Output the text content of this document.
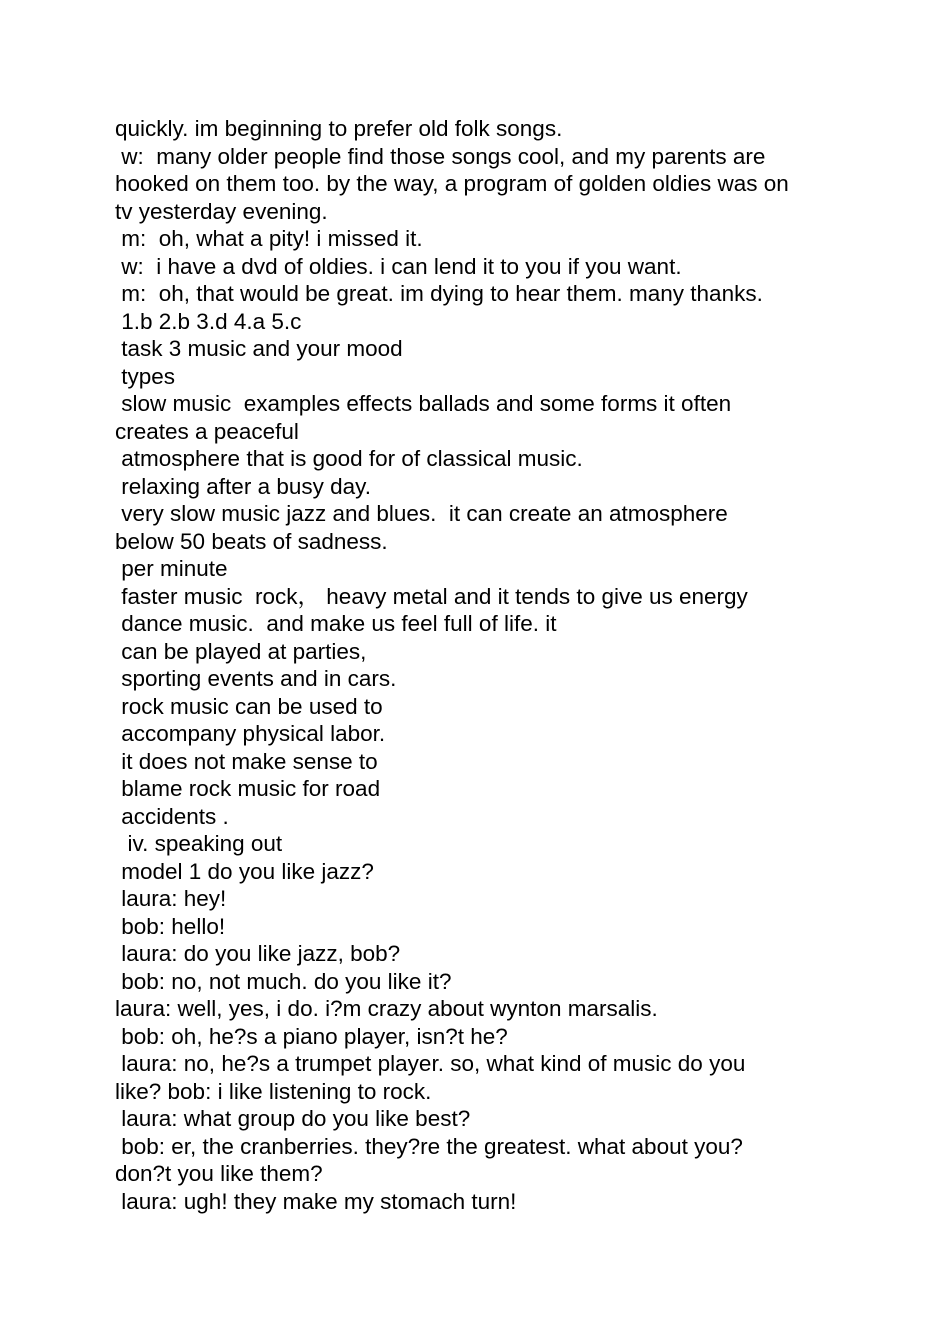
quickly. im beginning to prefer old folk songs.

w:  many older people find those songs cool, and my parents are

hooked on them too. by the way, a program of golden oldies was on

tv yesterday evening.

m:  oh, what a pity! i missed it.

w:  i have a dvd of oldies. i can lend it to you if you want.

m:  oh, that would be great. im dying to hear them. many thanks.

1.b 2.b 3.d 4.a 5.c

task 3 music and your mood

types

slow music  examples effects ballads and some forms it often

creates a peaceful

atmosphere that is good for of classical music.

relaxing after a busy day.

very slow music jazz and blues.  it can create an atmosphere

below 50 beats of sadness.

per minute

faster music  rock， heavy metal and it tends to give us energy

dance music.  and make us feel full of life. it

can be played at parties,

sporting events and in cars.

rock music can be used to

accompany physical labor.

it does not make sense to

blame rock music for road

accidents .

iv. speaking out

model 1 do you like jazz?

laura: hey!

bob: hello!

laura: do you like jazz, bob?

bob: no, not much. do you like it?

laura: well, yes, i do. i?m crazy about wynton marsalis.

bob: oh, he?s a piano player, isn?t he?

laura: no, he?s a trumpet player. so, what kind of music do you

like? bob: i like listening to rock.

laura: what group do you like best?

bob: er, the cranberries. they?re the greatest. what about you?

don?t you like them?

laura: ugh! they make my stomach turn!
